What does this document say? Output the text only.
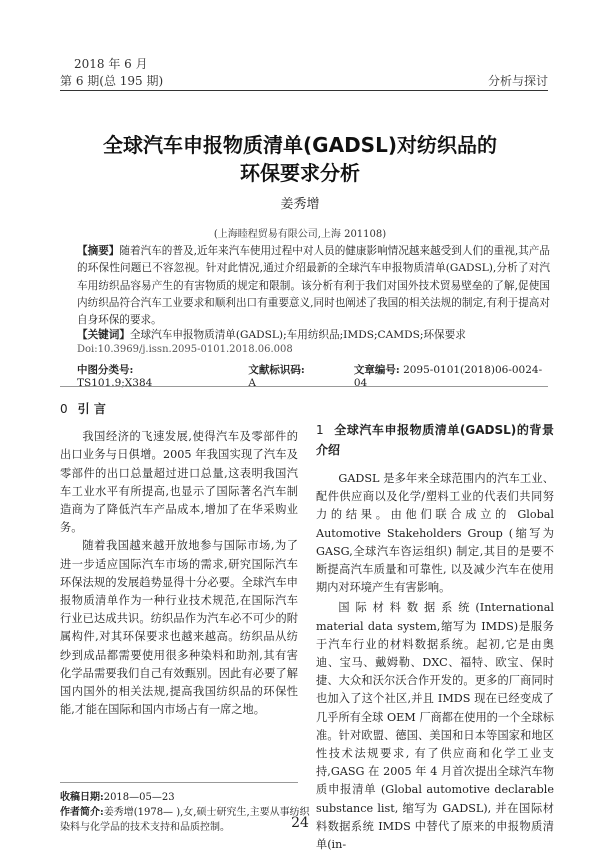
2018 年 6 月
第 6 期(总 195 期)	分析与探讨
全球汽车申报物质清单(GADSL)对纺织品的
环保要求分析
姜秀增
(上海睦程贸易有限公司,上海 201108)
【摘要】随着汽车的普及,近年来汽车使用过程中对人员的健康影响情况越来越受到人们的重视,其产品的环保性问题已不容忽视。针对此情况,通过介绍最新的全球汽车申报物质清单(GADSL),分析了对汽车用纺织品容易产生的有害物质的规定和限制。该分析有利于我们对国外技术贸易壁垒的了解,促使国内纺织品符合汽车工业要求和顺利出口有重要意义,同时也阐述了我国的相关法规的制定,有利于提高对自身环保的要求。
【关键词】全球汽车申报物质清单(GADSL);车用纺织品;IMDS;CAMDS;环保要求
Doi:10.3969/j.issn.2095-0101.2018.06.008
中图分类号: TS101.9;X384
文献标识码: A
文章编号: 2095-0101(2018)06-0024-04
0 引 言

我国经济的飞速发展,使得汽车及零部件的出口业务与日俱增。2005 年我国实现了汽车及零部件的出口总量超过进口总量,这表明我国汽车工业水平有所提高,也显示了国际著名汽车制造商为了降低汽车产品成本,增加了在华采购业务。

随着我国越来越开放地参与国际市场,为了进一步适应国际汽车市场的需求,研究国际汽车环保法规的发展趋势显得十分必要。全球汽车申报物质清单作为一种行业技术规范,在国际汽车行业已达成共识。纺织品作为汽车必不可少的附属构件,对其环保要求也越来越高。纺织品从纺纱到成品都需要使用很多种染料和助剂,其有害化学品需要我们自己有效甄别。因此有必要了解国内国外的相关法规,提高我国纺织品的环保性能,才能在国际和国内市场占有一席之地。

收稿日期:2018—05—23
作者简介:姜秀增(1978— ),女,硕士研究生,主要从事纺织染料与化学品的技术支持和品质控制。
1 全球汽车申报物质清单(GADSL)的背景介绍

GADSL 是多年来全球范围内的汽车工业、配件供应商以及化学/塑料工业的代表们共同努力的结果。由他们联合成立的 Global Automotive Stakeholders Group (缩写为 GASG,全球汽车咨运组织) 制定,其目的是要不断提高汽车质量和可靠性, 以及减少汽车在使用期内对环境产生有害影响。

国际材料数据系统(International material data system,缩写为 IMDS)是服务于汽车行业的材料数据系统。起初,它是由奥迪、宝马、戴姆勒、DXC、福特、欧宝、保时捷、大众和沃尔沃合作开发的。更多的厂商同时也加入了这个社区,并且 IMDS 现在已经变成了几乎所有全球 OEM 厂商都在使用的一个全球标准。针对欧盟、德国、美国和日本等国家和地区性技术法规要求, 有了供应商和化学工业支持,GASG 在 2005 年 4 月首次提出全球汽车物质申报清单 (Global automotive declarable substance list, 缩写为 GADSL), 并在国际材料数据系统 IMDS 中替代了原来的申报物质清单(in-

24
